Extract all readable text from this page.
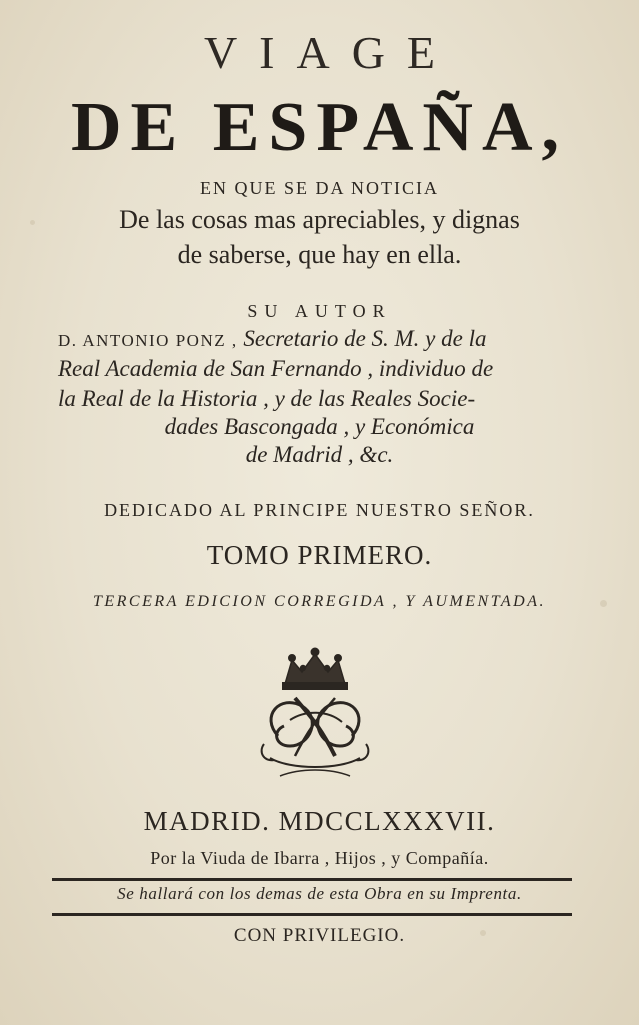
VIAGE
DE ESPAÑA,
EN QUE SE DA NOTICIA
De las cosas mas apreciables, y dignas
de saberse, que hay en ella.
SU AUTOR
D. ANTONIO PONZ , Secretario de S. M. y de la
Real Academia de San Fernando , individuo de
la Real de la Historia , y de las Reales Socie-
dades Bascongada , y Económica
de Madrid , &c.
DEDICADO AL PRINCIPE NUESTRO SEÑOR.
TOMO PRIMERO.
TERCERA EDICION CORREGIDA , Y AUMENTADA.
MADRID. MDCCLXXXVII.
Por la Viuda de Ibarra , Hijos , y Compañía.
Se hallará con los demas de esta Obra en su Imprenta.
CON PRIVILEGIO.
